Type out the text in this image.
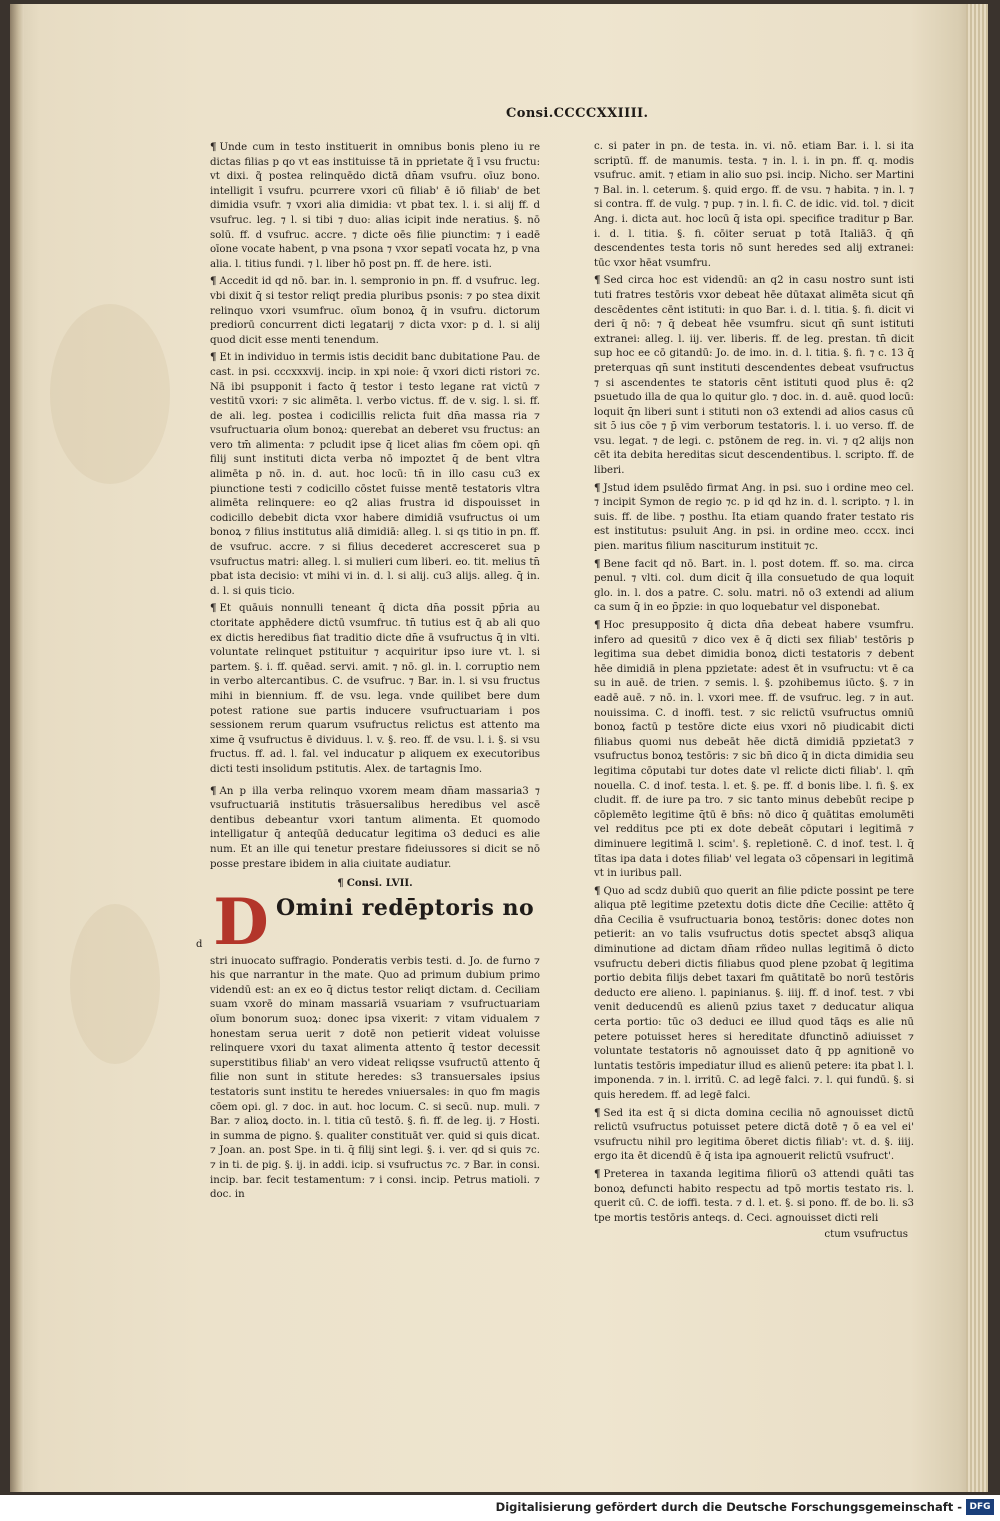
Consi.CCCCXXIIII.

¶ Unde cum in testo instituerit in omnibus bonis pleno iu re dictas filias p qo vt eas instituisse tā in pprietate q̃ ī vsu fructu: vt dixi. q̃ postea relinquēdo dictā dn̄am vsufru. oīuz bono. intelligit ī vsufru. pcurrere vxori cū filiab' ē iō filiab' de bet dimidia vsufr. ⁊ vxori alia dimidia: vt pbat tex. l. i. si alij ff. d vsufruc. leg. ⁊ l. si tibi ⁊ duo: alias icipit inde neratius. §. nō solū. ff. d vsufruc. accre. ⁊ dicte oēs filie piunctim: ⁊ i eadē oīone vocate habent, p vna psona ⁊ vxor sepatī vocata hz, p vna alia. l. titius fundi. ⁊ l. liber hō post pn. ff. de here. isti.

¶ Accedit id qd nō. bar. in. l. sempronio in pn. ff. d vsufruc. leg. vbi dixit q̄ si testor reliqt predia pluribus psonis: ⁊ po stea dixit relinquo vxori vsumfruc. oīum bonoꝝ q̄ in vsufru. dictorum prediorū concurrent dicti legatarij ⁊ dicta vxor: p d. l. si alij quod dicit esse menti tenendum.

¶ Et in individuo in termis istis decidit banc dubitatione Pau. de cast. in psi. cccxxxvij. incip. in xpi noie: q̄ vxori dicti ristori ⁊c. Nā ibi psupponit i facto q̄ testor i testo legane rat victū ⁊ vestitū vxori: ⁊ sic alimēta. l. verbo victus. ff. de v. sig. l. si. ff. de ali. leg. postea i codicillis relicta fuit dn̄a massa ria ⁊ vsufructuaria oīum bonoꝝ: querebat an deberet vsu fructus: an vero tm̄ alimenta: ⁊ pcludit ipse q̄ licet alias fm cōem opi. qn̄ filij sunt instituti dicta verba nō impoztet q̄ de bent vltra alimēta p nō. in. d. aut. hoc locū: tn̄ in illo casu cu3 ex piunctione testi ⁊ codicillo cōstet fuisse mentē testatoris vltra alimēta relinquere: eo q2 alias frustra id dispouisset in codicillo debebit dicta vxor habere dimidiā vsufructus oi um bonoꝝ ⁊ filius institutus aliā dimidiā: alleg. l. si qs titio in pn. ff. de vsufruc. accre. ⁊ si filius decederet accresceret sua p vsufructus matri: alleg. l. si mulieri cum liberi. eo. tit. melius tn̄ pbat ista decisio: vt mihi vi in. d. l. si alij. cu3 alijs. alleg. q̄ in. d. l. si quis ticio.

¶ Et quāuis nonnulli teneant q̄ dicta dn̄a possit pp̄ria au ctoritate apphēdere dictū vsumfruc. tn̄ tutius est q̄ ab ali quo ex dictis heredibus fiat traditio dicte dn̄e ā vsufructus q̄ in vlti. voluntate relinquet pstituitur ⁊ acquiritur ipso iure vt. l. si partem. §. i. ff. quēad. servi. amit. ⁊ nō. gl. in. l. corruptio nem in verbo altercantibus. C. de vsufruc. ⁊ Bar. in. l. si vsu fructus mihi in biennium. ff. de vsu. lega. vnde quilibet bere dum potest ratione sue partis inducere vsufructuariam i pos sessionem rerum quarum vsufructus relictus est attento ma xime q̄ vsufructus ē dividuus. l. v. §. reo. ff. de vsu. l. i. §. si vsu fructus. ff. ad. l. fal. vel inducatur p aliquem ex executoribus dicti testi insolidum pstitutis. Alex. de tartagnis Imo.

¶ An p illa verba relinquo vxorem meam dn̄am massaria3 ⁊ vsufructuariā institutis trāsuersalibus heredibus vel ascē dentibus debeantur vxori tantum alimenta. Et quomodo intelligatur q̄ anteqūā deducatur legitima o3 deduci es alie num. Et an ille qui tenetur prestare fideiussores si dicit se nō posse prestare ibidem in alia ciuitate audiatur.

¶ Consi. LVII.
d D Omini redēptoris no

stri inuocato suffragio. Ponderatis verbis testi. d. Jo. de furno ⁊ his que narrantur in the mate. Quo ad primum dubium primo videndū est: an ex eo q̄ dictus testor reliqt dictam. d. Ceciliam suam vxorē do minam massariā vsuariam ⁊ vsufructuariam oīum bonorum suoꝝ: donec ipsa vixerit: ⁊ vitam vidualem ⁊ honestam serua uerit ⁊ dotē non petierit videat voluisse relinquere vxori du taxat alimenta attento q̄ testor decessit superstitibus filiab' an vero videat reliqsse vsufructū attento q̄ filie non sunt in stitute heredes: s3 transuersales ipsius testatoris sunt institu te heredes vniuersales: in quo fm magis cōem opi. gl. ⁊ doc. in aut. hoc locum. C. si secū. nup. muli. ⁊ Bar. ⁊ alioꝝ docto. in. l. titia cū testō. §. fi. ff. de leg. ij. ⁊ Hosti. in summa de pigno. §. qualiter constituāt ver. quid si quis dicat. ⁊ Joan. an. post Spe. in ti. q̄ filij sint legi. §. i. ver. qd si quis ⁊c. ⁊ in ti. de pig. §. ij. in addi. icip. si vsufructus ⁊c. ⁊ Bar. in consi. incip. bar. fecit testamentum: ⁊ i consi. incip. Petrus matioli. ⁊ doc. in

c. si pater in pn. de testa. in. vi. nō. etiam Bar. i. l. si ita scriptū. ff. de manumis. testa. ⁊ in. l. i. in pn. ff. q. modis vsufruc. amit. ⁊ etiam in alio suo psi. incip. Nicho. ser Martini ⁊ Bal. in. l. ceterum. §. quid ergo. ff. de vsu. ⁊ habita. ⁊ in. l. ⁊ si contra. ff. de vulg. ⁊ pup. ⁊ in. l. fi. C. de idic. vid. tol. ⁊ dicit Ang. i. dicta aut. hoc locū q̄ ista opi. specifice traditur p Bar. i. d. l. titia. §. fi. cōiter seruat p totā Italiā3. q̄ qn̄ descendentes testa toris nō sunt heredes sed alij extranei: tūc vxor hēat vsumfru.

¶ Sed circa hoc est videndū: an q2 in casu nostro sunt isti tuti fratres testōris vxor debeat hēe dūtaxat alimēta sicut qn̄ descēdentes cēnt istituti: in quo Bar. i. d. l. titia. §. fi. dicit vi deri q̄ nō: ⁊ q̄ debeat hēe vsumfru. sicut qn̄ sunt istituti extranei: alleg. l. iij. ver. liberis. ff. de leg. prestan. tn̄ dicit sup hoc ee cō gitandū: Jo. de imo. in. d. l. titia. §. fi. ⁊ c. 13 q̄ preterquas qn̄ sunt instituti descendentes debeat vsufructus ⁊ si ascendentes te statoris cēnt istituti quod plus ē: q2 psuetudo illa de qua lo quitur glo. ⁊ doc. in. d. auē. quod locū: loquit q̄n liberi sunt i stituti non o3 extendi ad alios casus cū sit ɔ̄ ius cōe ⁊ p̄ vim verborum testatoris. l. i. uo verso. ff. de vsu. legat. ⁊ de legi. c. pstōnem de reg. in. vi. ⁊ q2 alijs non cēt ita debita hereditas sicut descendentibus. l. scripto. ff. de liberi.

¶ Jstud idem psulēdo firmat Ang. in psi. suo i ordine meo cel. ⁊ incipit Symon de regio ⁊c. p id qd hz in. d. l. scripto. ⁊ l. in suis. ff. de libe. ⁊ posthu. Ita etiam quando frater testato ris est institutus: psuluit Ang. in psi. in ordine meo. cccx. inci pien. maritus filium nasciturum instituit ⁊c.

¶ Bene facit qd nō. Bart. in. l. post dotem. ff. so. ma. circa penul. ⁊ vlti. col. dum dicit q̄ illa consuetudo de qua loquit glo. in. l. dos a patre. C. solu. matri. nō o3 extendi ad alium ca sum q̄ in eo p̄pzie: in quo loquebatur vel disponebat.

¶ Hoc presupposito q̄ dicta dn̄a debeat habere vsumfru. infero ad quesitū ⁊ dico vex ē q̄ dicti sex filiab' testōris p legitima sua debet dimidia bonoꝝ dicti testatoris ⁊ debent hēe dimidiā in plena ppzietate: adest ēt in vsufructu: vt ē ca su in auē. de trien. ⁊ semis. l. §. pzohibemus iūcto. §. ⁊ in eadē auē. ⁊ nō. in. l. vxori mee. ff. de vsufruc. leg. ⁊ in aut. nouissima. C. d inoffi. test. ⁊ sic relictū vsufructus omniū bonoꝝ factū p testōre dicte eius vxori nō piudicabit dicti filiabus quomi nus debeāt hēe dictā dimidiā ppzietat3 ⁊ vsufructus bonoꝝ testōris: ⁊ sic bn̄ dico q̄ in dicta dimidia seu legitima cōputabi tur dotes date vl relicte dicti filiab'. l. qm̄ nouella. C. d inof. testa. l. et. §. pe. ff. d bonis libe. l. fi. §. ex cludit. ff. de iure pa tro. ⁊ sic tanto minus debebūt recipe p cōplemēto legitime q̄tū ē bn̄s: nō dico q̄ quātitas emolumēti vel redditus pce pti ex dote debeāt cōputari i legitimā ⁊ diminuere legitimā l. scim'. §. repletionē. C. d inof. test. l. q̄ tītas ipa data i dotes filiab' vel legata o3 cōpensari in legitimā vt in iuribus pall.

¶ Quo ad scdz dubiū quo querit an filie pdicte possint pe tere aliqua ptē legitime pzetextu dotis dicte dn̄e Cecilie: attēto q̄ dn̄a Cecilia ē vsufructuaria bonoꝝ testōris: donec dotes non petierit: an vo talis vsufructus dotis spectet absq3 aliqua diminutione ad dictam dn̄am rñdeo nullas legitimā ō dicto vsufructu deberi dictis filiabus quod plene pzobat q̄ legitima portio debita filijs debet taxari fm quātitatē bo norū testōris deducto ere alieno. l. papinianus. §. iiij. ff. d inof. test. ⁊ vbi venit deducendū es alienū pzius taxet ⁊ deducatur aliqua certa portio: tūc o3 deduci ee illud quod tāqs es alie nū petere potuisset heres si hereditate dfunctinō adiuisset ⁊ voluntate testatoris nō agnouisset dato q̄ pp agnitionē vo luntatis testōris impediatur illud es alienū petere: ita pbat l. l. imponenda. ⁊ in. l. irritū. C. ad legē falci. ⁊. l. qui fundū. §. si quis heredem. ff. ad legē falci.

¶ Sed ita est q̄ si dicta domina cecilia nō agnouisset dictū relictū vsufructus potuisset petere dictā dotē ⁊ ō ea vel ei' vsufructu nihil pro legitima ōberet dictis filiab': vt. d. §. iiij. ergo ita ēt dicendū ē q̄ ista ipa agnouerit relictū vsufruct'.

¶ Preterea in taxanda legitima filiorū o3 attendi quāti tas bonoꝝ defuncti habito respectu ad tpō mortis testato ris. l. querit cū. C. de ioffi. testa. ⁊ d. l. et. §. si pono. ff. de bo. li. s3 tpe mortis testōris anteqs. d. Ceci. agnouisset dicti reli

ctum vsufructus
Digitalisierung gefördert durch die Deutsche Forschungsgemeinschaft - DFG
